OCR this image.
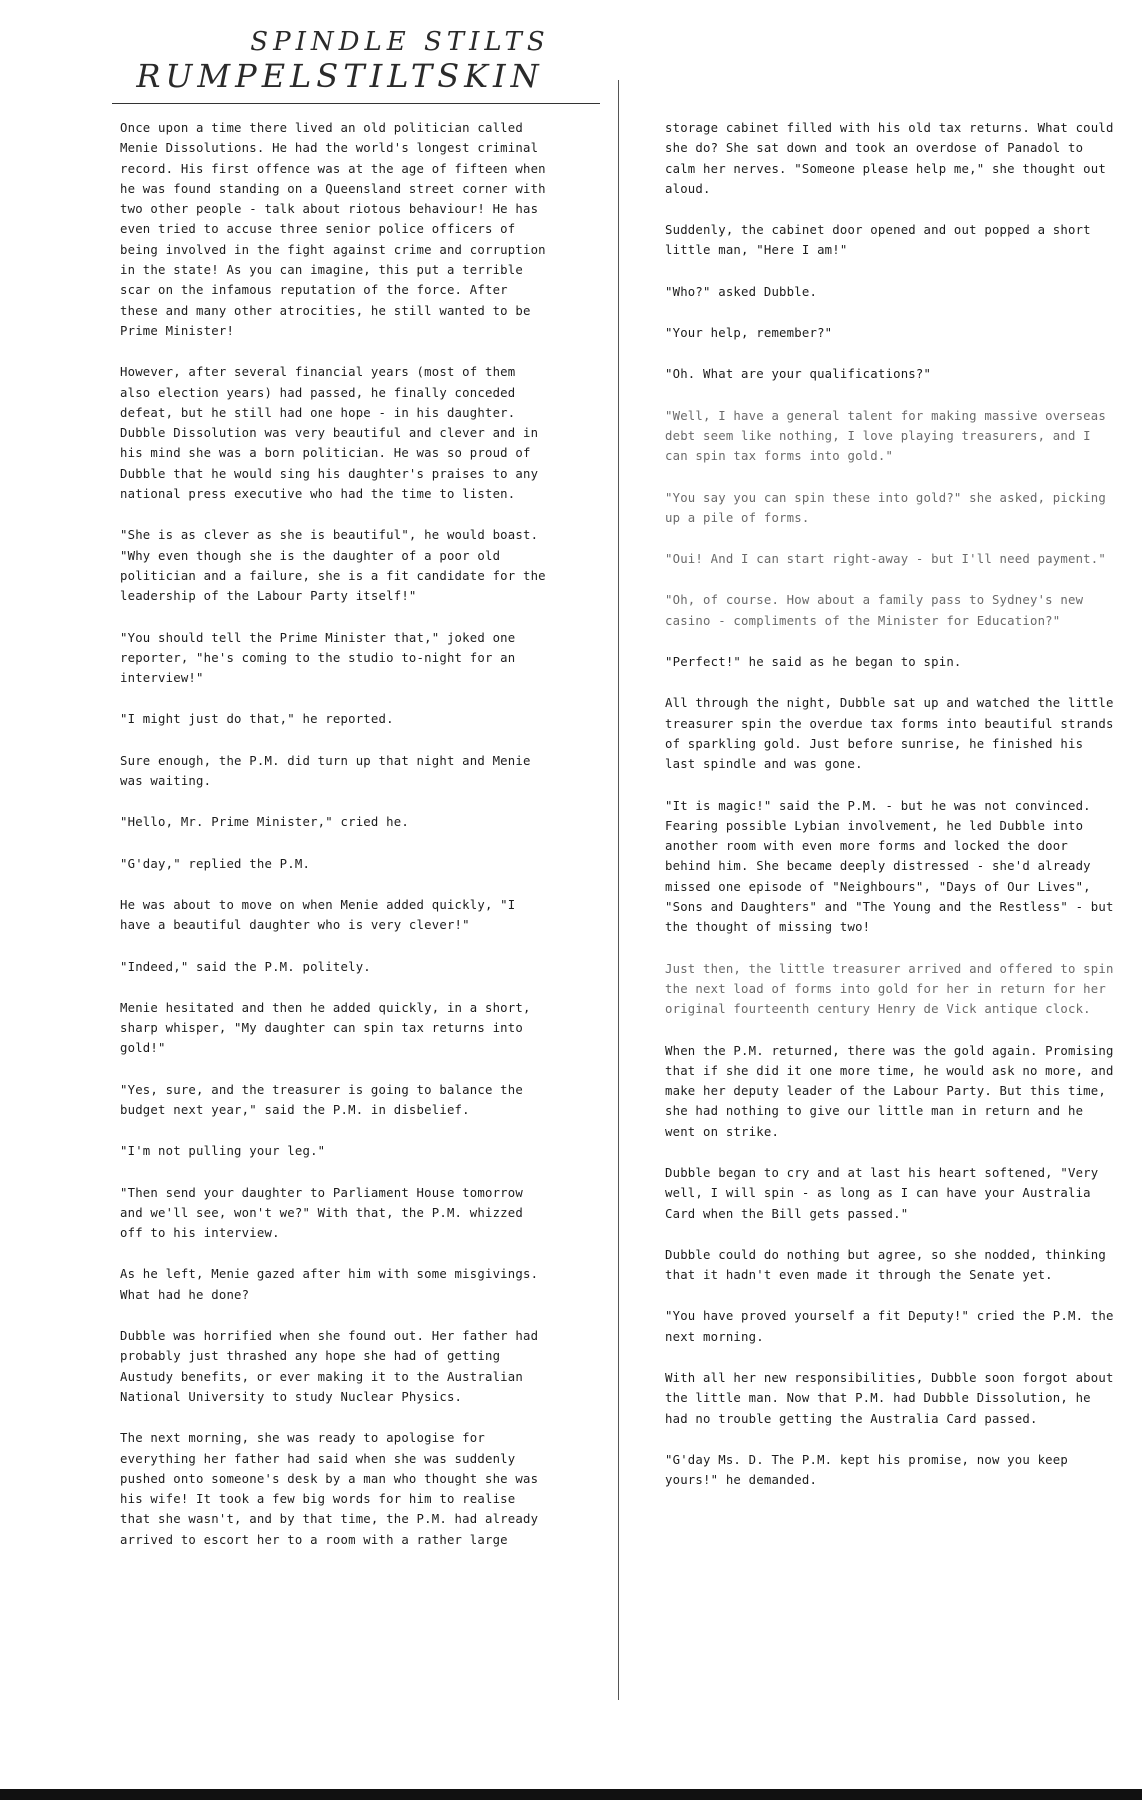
SPINDLE STILTS
RUMPELSTILTSKIN

Once upon a time there lived an old politician called Menie Dissolutions. He had the world's longest criminal record. His first offence was at the age of fifteen when he was found standing on a Queensland street corner with two other people - talk about riotous behaviour! He has even tried to accuse three senior police officers of being involved in the fight against crime and corruption in the state! As you can imagine, this put a terrible scar on the infamous reputation of the force. After these and many other atrocities, he still wanted to be Prime Minister!

However, after several financial years (most of them also election years) had passed, he finally conceded defeat, but he still had one hope - in his daughter. Dubble Dissolution was very beautiful and clever and in his mind she was a born politician. He was so proud of Dubble that he would sing his daughter's praises to any national press executive who had the time to listen.

"She is as clever as she is beautiful", he would boast. "Why even though she is the daughter of a poor old politician and a failure, she is a fit candidate for the leadership of the Labour Party itself!"

"You should tell the Prime Minister that," joked one reporter, "he's coming to the studio to-night for an interview!"

"I might just do that," he reported.

Sure enough, the P.M. did turn up that night and Menie was waiting.

"Hello, Mr. Prime Minister," cried he.

"G'day," replied the P.M.

He was about to move on when Menie added quickly, "I have a beautiful daughter who is very clever!"

"Indeed," said the P.M. politely.

Menie hesitated and then he added quickly, in a short, sharp whisper, "My daughter can spin tax returns into gold!"

"Yes, sure, and the treasurer is going to balance the budget next year," said the P.M. in disbelief.

"I'm not pulling your leg."

"Then send your daughter to Parliament House tomorrow and we'll see, won't we?" With that, the P.M. whizzed off to his interview.

As he left, Menie gazed after him with some misgivings. What had he done?

Dubble was horrified when she found out. Her father had probably just thrashed any hope she had of getting Austudy benefits, or ever making it to the Australian National University to study Nuclear Physics.

The next morning, she was ready to apologise for everything her father had said when she was suddenly pushed onto someone's desk by a man who thought she was his wife! It took a few big words for him to realise that she wasn't, and by that time, the P.M. had already arrived to escort her to a room with a rather large

storage cabinet filled with his old tax returns. What could she do? She sat down and took an overdose of Panadol to calm her nerves. "Someone please help me," she thought out aloud.

Suddenly, the cabinet door opened and out popped a short little man, "Here I am!"

"Who?" asked Dubble.

"Your help, remember?"

"Oh. What are your qualifications?"

"Well, I have a general talent for making massive overseas debt seem like nothing, I love playing treasurers, and I can spin tax forms into gold."

"You say you can spin these into gold?" she asked, picking up a pile of forms.

"Oui! And I can start right-away - but I'll need payment."

"Oh, of course. How about a family pass to Sydney's new casino - compliments of the Minister for Education?"

"Perfect!" he said as he began to spin.

All through the night, Dubble sat up and watched the little treasurer spin the overdue tax forms into beautiful strands of sparkling gold. Just before sunrise, he finished his last spindle and was gone.

"It is magic!" said the P.M. - but he was not convinced. Fearing possible Lybian involvement, he led Dubble into another room with even more forms and locked the door behind him. She became deeply distressed - she'd already missed one episode of "Neighbours", "Days of Our Lives", "Sons and Daughters" and "The Young and the Restless" - but the thought of missing two!

Just then, the little treasurer arrived and offered to spin the next load of forms into gold for her in return for her original fourteenth century Henry de Vick antique clock.

When the P.M. returned, there was the gold again. Promising that if she did it one more time, he would ask no more, and make her deputy leader of the Labour Party. But this time, she had nothing to give our little man in return and he went on strike.

Dubble began to cry and at last his heart softened, "Very well, I will spin - as long as I can have your Australia Card when the Bill gets passed."

Dubble could do nothing but agree, so she nodded, thinking that it hadn't even made it through the Senate yet.

"You have proved yourself a fit Deputy!" cried the P.M. the next morning.

With all her new responsibilities, Dubble soon forgot about the little man. Now that P.M. had Dubble Dissolution, he had no trouble getting the Australia Card passed.

"G'day Ms. D. The P.M. kept his promise, now you keep yours!" he demanded.
